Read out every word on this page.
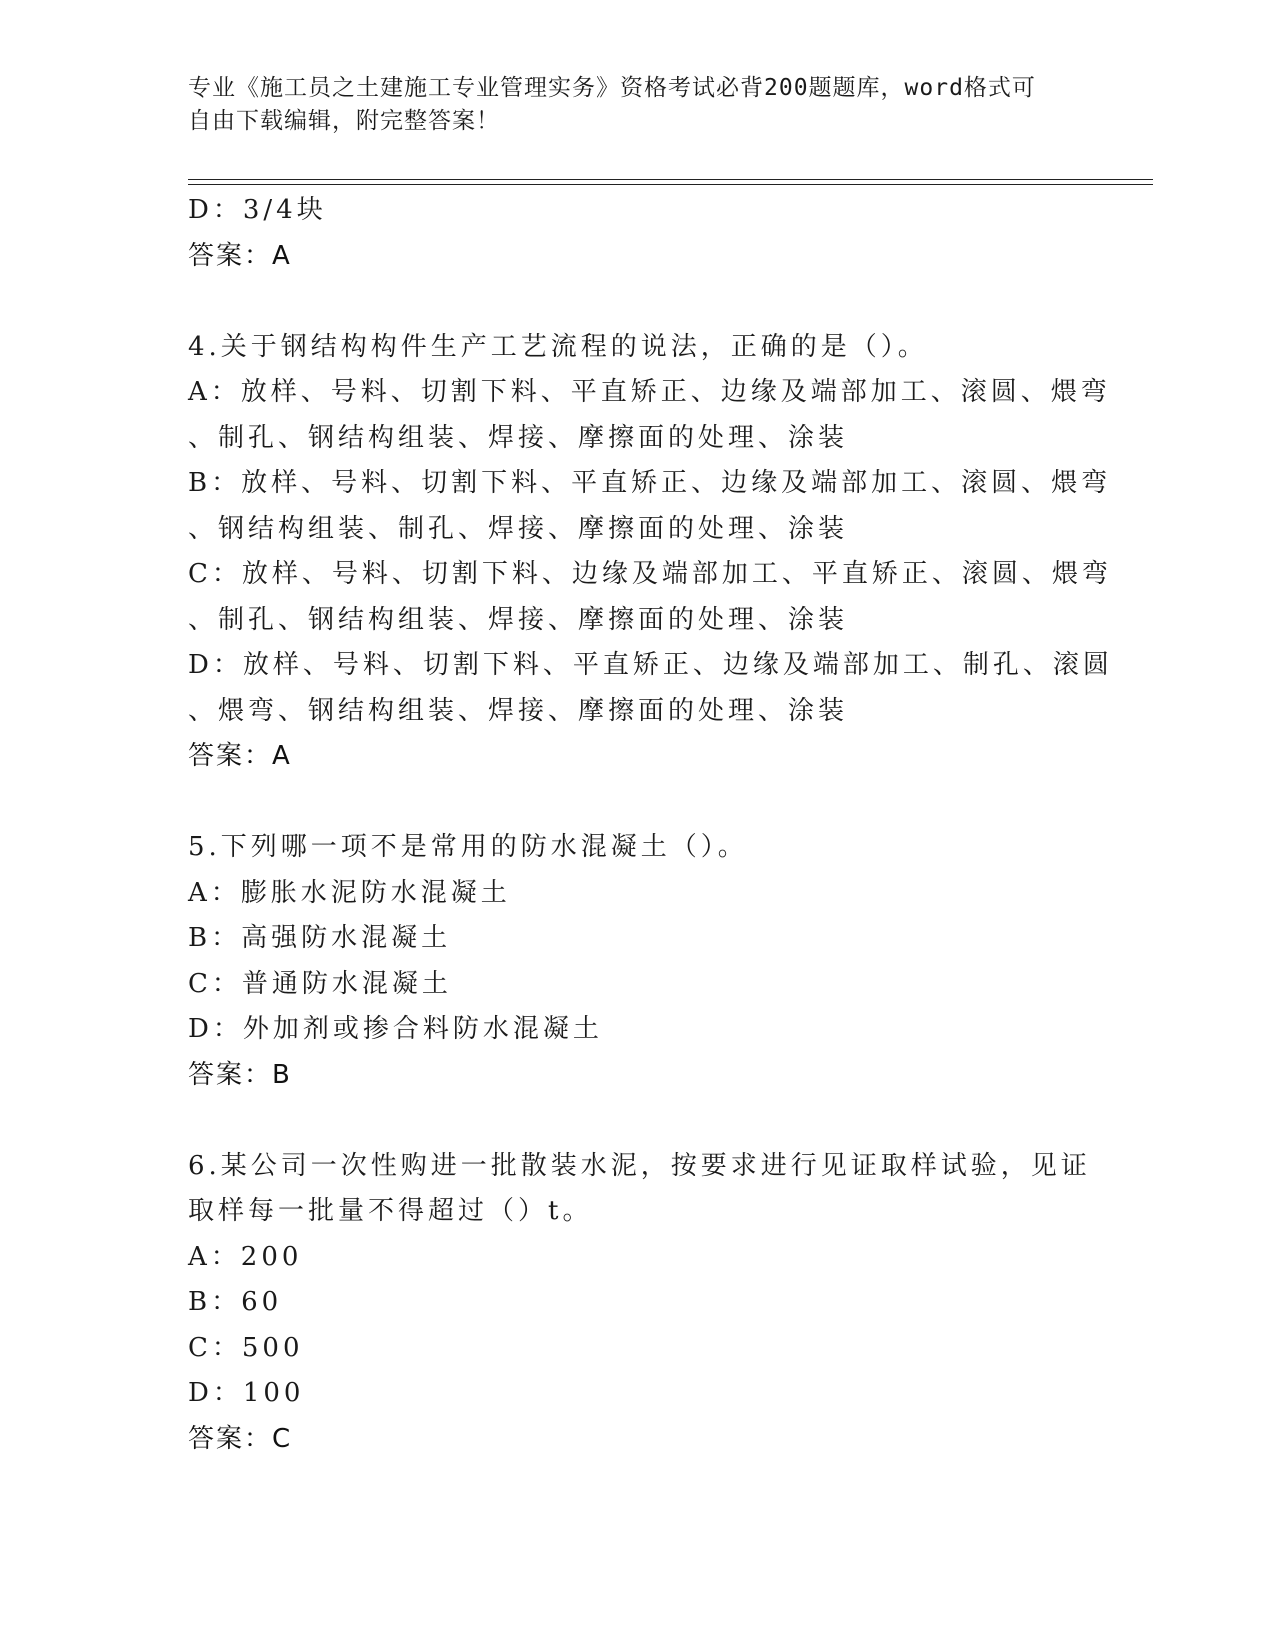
专业《施工员之土建施工专业管理实务》资格考试必背200题题库，word格式可
自由下载编辑，附完整答案！
D：3/4块
答案：A
4.关于钢结构构件生产工艺流程的说法，正确的是（）。
A：放样、号料、切割下料、平直矫正、边缘及端部加工、滚圆、煨弯
、制孔、钢结构组装、焊接、摩擦面的处理、涂装
B：放样、号料、切割下料、平直矫正、边缘及端部加工、滚圆、煨弯
、钢结构组装、制孔、焊接、摩擦面的处理、涂装
C：放样、号料、切割下料、边缘及端部加工、平直矫正、滚圆、煨弯
、制孔、钢结构组装、焊接、摩擦面的处理、涂装
D：放样、号料、切割下料、平直矫正、边缘及端部加工、制孔、滚圆
、煨弯、钢结构组装、焊接、摩擦面的处理、涂装
答案：A
5.下列哪一项不是常用的防水混凝土（）。
A：膨胀水泥防水混凝土
B：高强防水混凝土
C：普通防水混凝土
D：外加剂或掺合料防水混凝土
答案：B
6.某公司一次性购进一批散装水泥，按要求进行见证取样试验，见证
取样每一批量不得超过（）t。
A：200
B：60
C：500
D：100
答案：C
